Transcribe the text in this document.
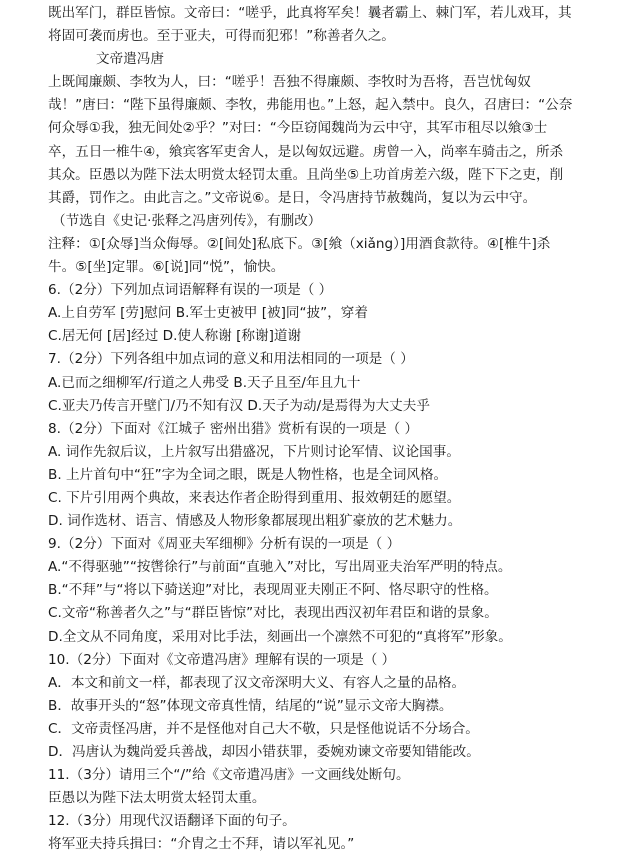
既出军门，群臣皆惊。文帝曰：“嗟乎，此真将军矣！曩者霸上、棘门军，若儿戏耳，其
将固可袭而虏也。至于亚夫，可得而犯邪！”称善者久之。
文帝遣冯唐
上既闻廉颇、李牧为人，曰：“嗟乎！吾独不得廉颇、李牧时为吾将，吾岂忧匈奴
哉！”唐曰：“陛下虽得廉颇、李牧，弗能用也。”上怒，起入禁中。良久，召唐曰：“公奈
何众辱①我，独无间处②乎？”对曰：“今臣窃闻魏尚为云中守，其军市租尽以飨③士
卒，五日一椎牛④，飨宾客军吏舍人，是以匈奴远避。虏曾一入，尚率车骑击之，所杀
其众。臣愚以为陛下法太明赏太轻罚太重。且尚坐⑤上功首虏差六级，陛下下之吏，削
其爵，罚作之。由此言之。”文帝说⑥。是日，令冯唐持节赦魏尚，复以为云中守。
（节选自《史记·张释之冯唐列传》，有删改）
注释：①[众辱]当众侮辱。②[间处]私底下。③[飨（xiǎng）]用酒食款待。④[椎牛]杀
牛。⑤[坐]定罪。⑥[说]同“悦”，愉快。
6.（2分）下列加点词语解释有误的一项是（ ）
A.上自劳军 [劳]慰问 B.军士吏被甲 [被]同“披”，穿着
C.居无何 [居]经过 D.使人称谢 [称谢]道谢
7.（2分）下列各组中加点词的意义和用法相同的一项是（ ）
A.已而之细柳军/行道之人弗受 B.天子且至/年且九十
C.亚夫乃传言开壁门/乃不知有汉 D.天子为动/是焉得为大丈夫乎
8.（2分）下面对《江城子 密州出猎》赏析有误的一项是（ ）
A. 词作先叙后议，上片叙写出猎盛况，下片则讨论军情、议论国事。
B. 上片首句中“狂”字为全词之眼，既是人物性格，也是全词风格。
C. 下片引用两个典故，来表达作者企盼得到重用、报效朝廷的愿望。
D. 词作选材、语言、情感及人物形象都展现出粗犷豪放的艺术魅力。
9.（2分）下面对《周亚夫军细柳》分析有误的一项是（ ）
A.“不得驱驰”“按辔徐行”与前面“直驰入”对比，写出周亚夫治军严明的特点。
B.“不拜”与“将以下骑送迎”对比，表现周亚夫刚正不阿、恪尽职守的性格。
C.文帝“称善者久之”与“群臣皆惊”对比，表现出西汉初年君臣和谐的景象。
D.全文从不同角度，采用对比手法，刻画出一个凛然不可犯的“真将军”形象。
10.（2分）下面对《文帝遣冯唐》理解有误的一项是（ ）
A．本文和前文一样，都表现了汉文帝深明大义、有容人之量的品格。
B．故事开头的“怒”体现文帝真性情，结尾的“说”显示文帝大胸襟。
C．文帝责怪冯唐，并不是怪他对自己大不敬，只是怪他说话不分场合。
D．冯唐认为魏尚爱兵善战，却因小错获罪，委婉劝谏文帝要知错能改。
11.（3分）请用三个“/”给《文帝遣冯唐》一文画线处断句。
臣愚以为陛下法太明赏太轻罚太重。
12.（3分）用现代汉语翻译下面的句子。
将军亚夫持兵揖曰：“介胄之士不拜，请以军礼见。”
